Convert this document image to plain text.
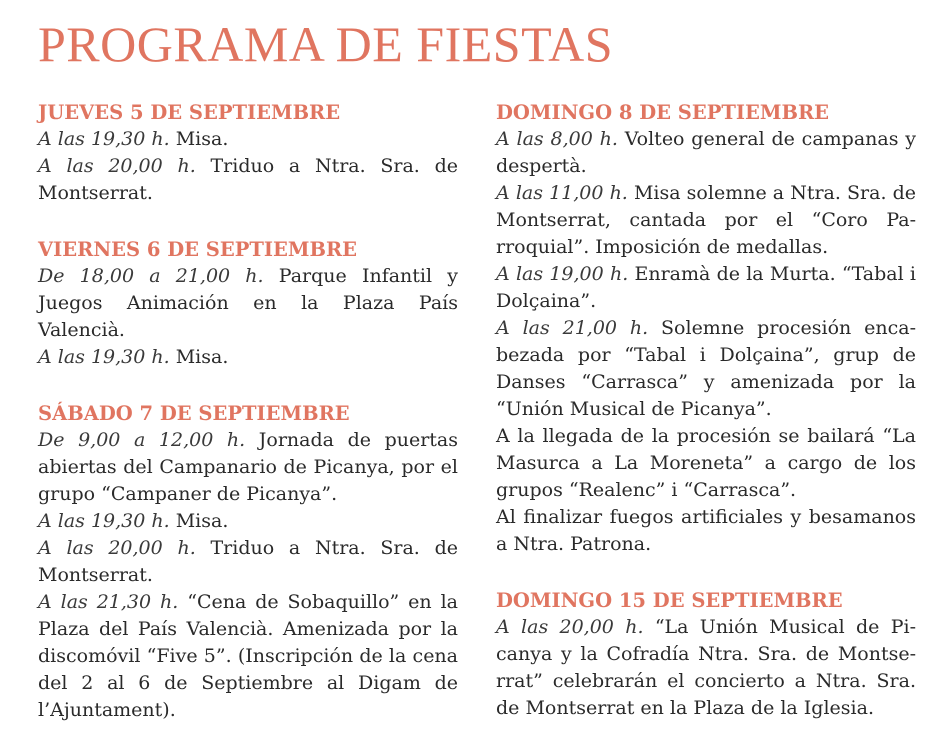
PROGRAMA DE FIESTAS
JUEVES 5 DE SEPTIEMBRE

A las 19,30 h. Misa.

A las 20,00 h. Triduo a Ntra. Sra. de Montserrat.

VIERNES 6 DE SEPTIEMBRE

De 18,00 a 21,00 h. Parque Infantil y Juegos Animación en la Plaza País Valencià.

A las 19,30 h. Misa.

SÁBADO 7 DE SEPTIEMBRE

De 9,00 a 12,00 h. Jornada de puertas abiertas del Campanario de Picanya, por el grupo “Campaner de Picanya”.

A las 19,30 h. Misa.

A las 20,00 h. Triduo a Ntra. Sra. de Montserrat.

A las 21,30 h. “Cena de Sobaquillo” en la Plaza del País Valencià. Amenizada por la discomóvil “Five 5”. (Inscripción de la cena del 2 al 6 de Septiembre al Digam de l’Ajuntament).

DOMINGO 8 DE SEPTIEMBRE

A las 8,00 h. Volteo general de campanas y despertà.

A las 11,00 h. Misa solemne a Ntra. Sra. de Montserrat, cantada por el “Coro Parroquial”. Imposición de medallas.

A las 19,00 h. Enramà de la Murta. “Tabal i Dolçaina”.

A las 21,00 h. Solemne procesión encabezada por “Tabal i Dolçaina”, grup de Danses “Carrasca” y amenizada por la “Unión Musical de Picanya”.

A la llegada de la procesión se bailará “La Masurca a La Moreneta” a cargo de los grupos “Realenc” i “Carrasca”.

Al finalizar fuegos artificiales y besamanos a Ntra. Patrona.

DOMINGO 15 DE SEPTIEMBRE

A las 20,00 h. “La Unión Musical de Picanya y la Cofradía Ntra. Sra. de Montserrat” celebrarán el concierto a Ntra. Sra. de Montserrat en la Plaza de la Iglesia.
